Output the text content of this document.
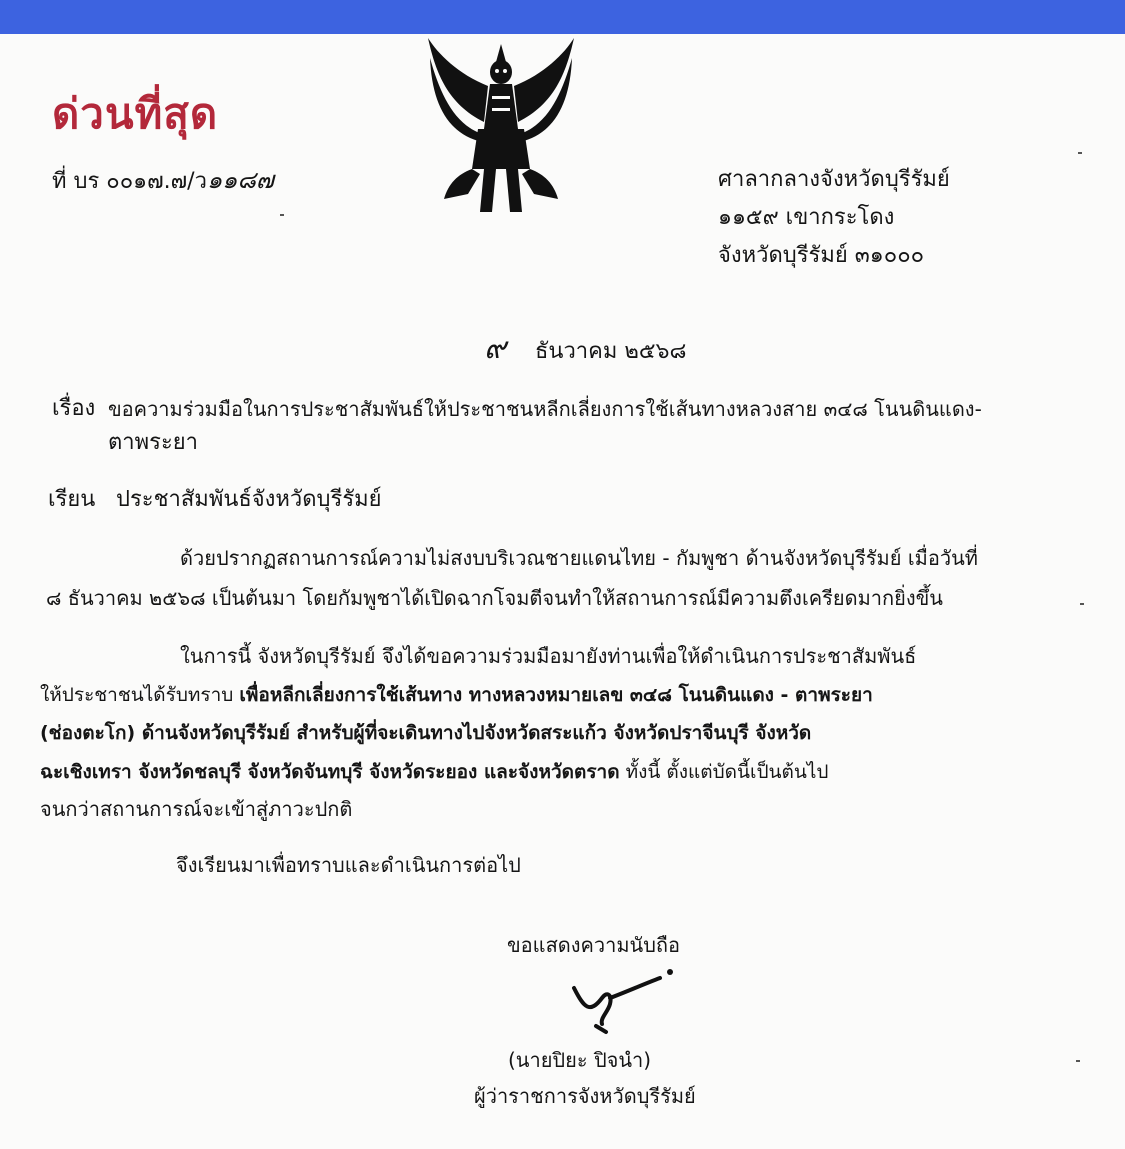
ด่วนที่สุด
ที่ บร ๐๐๑๗.๗/ว๑๑๘๗	ศาลากลางจังหวัดบุรีรัมย์
๑๑๕๙ เขากระโดง
จังหวัดบุรีรัมย์ ๓๑๐๐๐
๙ ธันวาคม ๒๕๖๘
เรื่อง ขอความร่วมมือในการประชาสัมพันธ์ให้ประชาชนหลีกเลี่ยงการใช้เส้นทางหลวงสาย ๓๔๘ โนนดินแดง-
ตาพระยา
เรียน ประชาสัมพันธ์จังหวัดบุรีรัมย์
ด้วยปรากฏสถานการณ์ความไม่สงบบริเวณชายแดนไทย - กัมพูชา ด้านจังหวัดบุรีรัมย์ เมื่อวันที่
๘ ธันวาคม ๒๕๖๘ เป็นต้นมา โดยกัมพูชาได้เปิดฉากโจมตีจนทำให้สถานการณ์มีความตึงเครียดมากยิ่งขึ้น
ในการนี้ จังหวัดบุรีรัมย์ จึงได้ขอความร่วมมือมายังท่านเพื่อให้ดำเนินการประชาสัมพันธ์
ให้ประชาชนได้รับทราบ เพื่อหลีกเลี่ยงการใช้เส้นทาง ทางหลวงหมายเลข ๓๔๘ โนนดินแดง - ตาพระยา
(ช่องตะโก) ด้านจังหวัดบุรีรัมย์ สำหรับผู้ที่จะเดินทางไปจังหวัดสระแก้ว จังหวัดปราจีนบุรี จังหวัด
ฉะเชิงเทรา จังหวัดชลบุรี จังหวัดจันทบุรี จังหวัดระยอง และจังหวัดตราด ทั้งนี้ ตั้งแต่บัดนี้เป็นต้นไป
จนกว่าสถานการณ์จะเข้าสู่ภาวะปกติ
จึงเรียนมาเพื่อทราบและดำเนินการต่อไป
ขอแสดงความนับถือ
(นายปิยะ ปิจนำ)
ผู้ว่าราชการจังหวัดบุรีรัมย์
